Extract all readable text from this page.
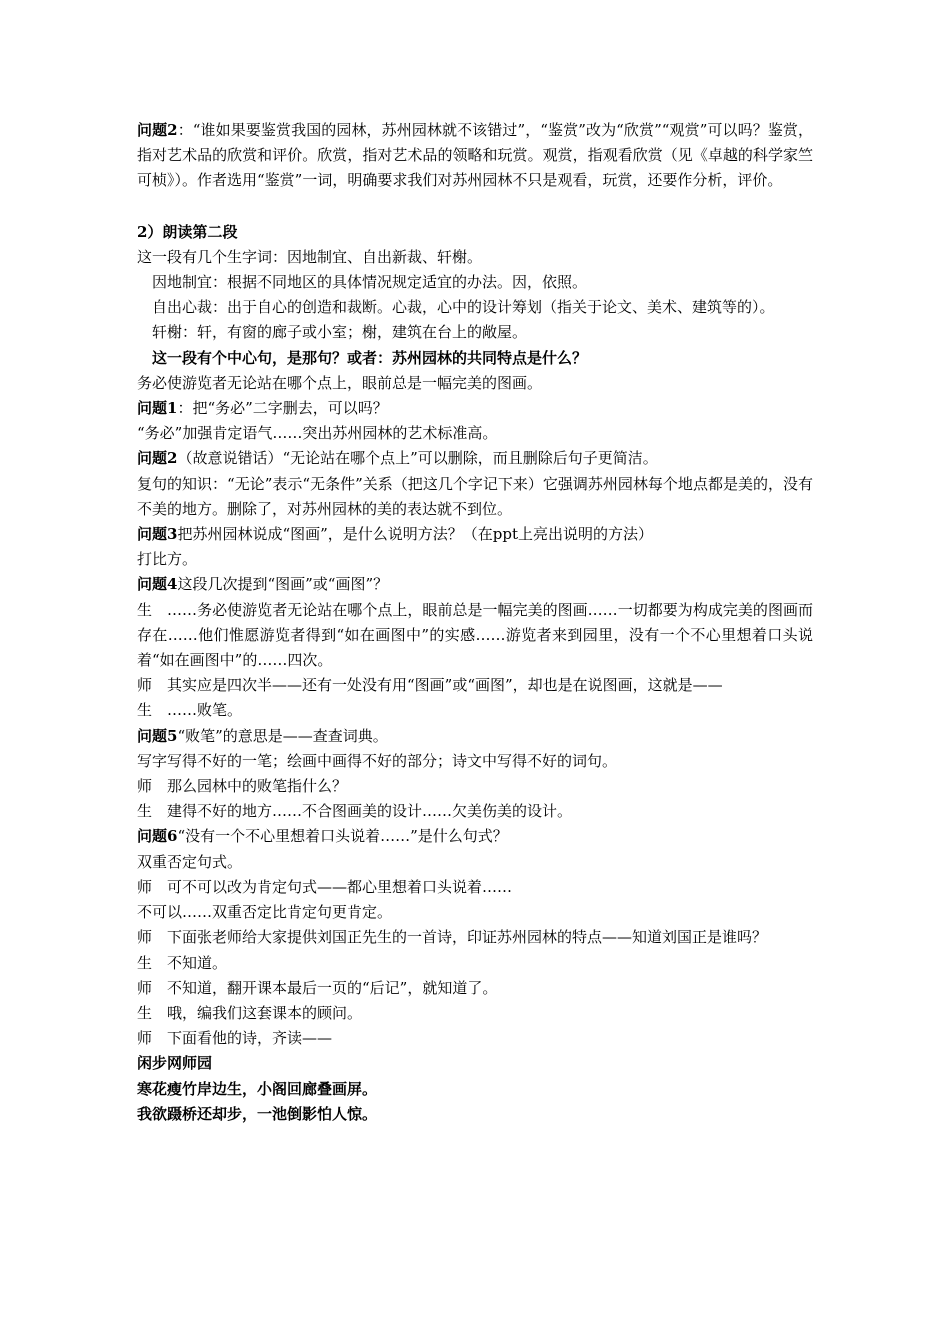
问题2：“谁如果要鉴赏我国的园林，苏州园林就不该错过”，“鉴赏”改为“欣赏”“观赏”可以吗？鉴赏，指对艺术品的欣赏和评价。欣赏，指对艺术品的领略和玩赏。观赏，指观看欣赏（见《卓越的科学家竺可桢》）。作者选用“鉴赏”一词，明确要求我们对苏州园林不只是观看，玩赏，还要作分析，评价。
2）朗读第二段
这一段有几个生字词：因地制宜、自出新裁、轩榭。
因地制宜：根据不同地区的具体情况规定适宜的办法。因，依照。
自出心裁：出于自心的创造和裁断。心裁，心中的设计筹划（指关于论文、美术、建筑等的）。
轩榭：轩，有窗的廊子或小室；榭，建筑在台上的敞屋。
这一段有个中心句，是那句？或者：苏州园林的共同特点是什么？
务必使游览者无论站在哪个点上，眼前总是一幅完美的图画。
问题1：把“务必”二字删去，可以吗？
“务必”加强肯定语气……突出苏州园林的艺术标准高。
问题2（故意说错话）“无论站在哪个点上”可以删除，而且删除后句子更简洁。
复句的知识：“无论”表示“无条件”关系（把这几个字记下来）它强调苏州园林每个地点都是美的，没有不美的地方。删除了，对苏州园林的美的表达就不到位。
问题3把苏州园林说成“图画”，是什么说明方法？（在ppt上亮出说明的方法）
打比方。
问题4这段几次提到“图画”或“画图”？
生　……务必使游览者无论站在哪个点上，眼前总是一幅完美的图画……一切都要为构成完美的图画而存在……他们惟愿游览者得到“如在画图中”的实感……游览者来到园里，没有一个不心里想着口头说着“如在画图中”的……四次。
师　其实应是四次半——还有一处没有用“图画”或“画图”，却也是在说图画，这就是——
生　……败笔。
问题5“败笔”的意思是——查查词典。
写字写得不好的一笔；绘画中画得不好的部分；诗文中写得不好的词句。
师　那么园林中的败笔指什么？
生　建得不好的地方……不合图画美的设计……欠美伤美的设计。
问题6“没有一个不心里想着口头说着……”是什么句式？
双重否定句式。
师　可不可以改为肯定句式——都心里想着口头说着……
不可以……双重否定比肯定句更肯定。
师　下面张老师给大家提供刘国正先生的一首诗，印证苏州园林的特点——知道刘国正是谁吗？
生　不知道。
师　不知道，翻开课本最后一页的“后记”，就知道了。
生　哦，编我们这套课本的顾问。
师　下面看他的诗，齐读——
闲步网师园
寒花瘦竹岸边生，小阁回廊叠画屏。
我欲蹑桥还却步，一池倒影怕人惊。
